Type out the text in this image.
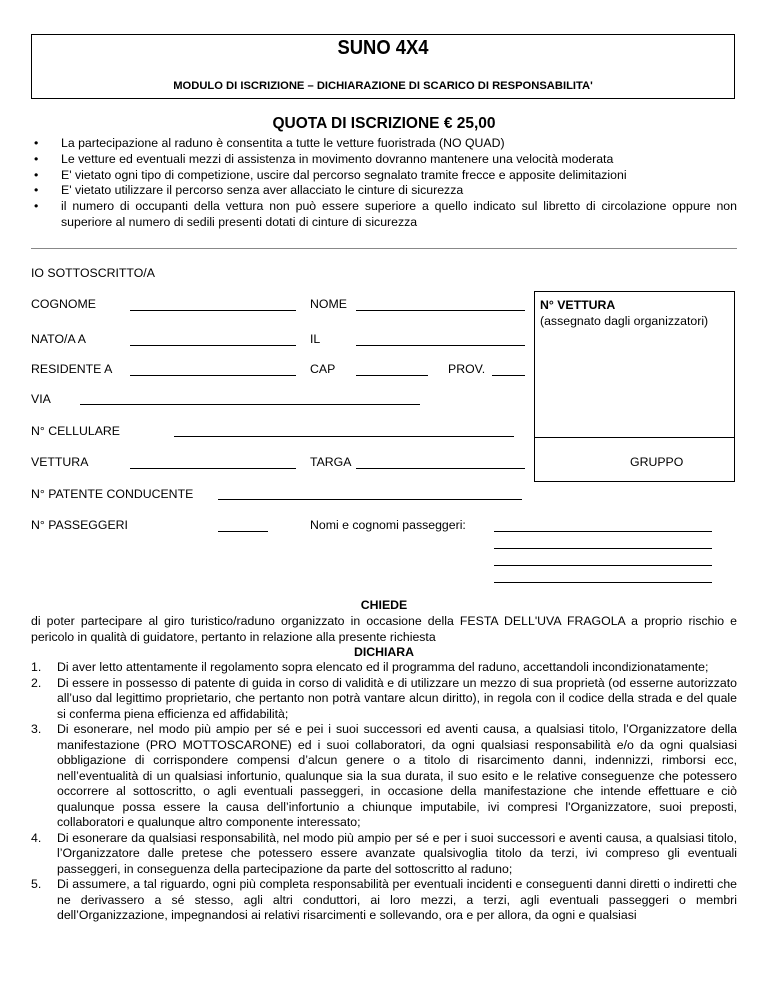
SUNO 4X4
MODULO DI ISCRIZIONE – DICHIARAZIONE DI SCARICO DI RESPONSABILITA'
QUOTA DI ISCRIZIONE € 25,00
• La partecipazione al raduno è consentita a tutte le vetture fuoristrada (NO QUAD)
• Le vetture ed eventuali mezzi di assistenza in movimento dovranno mantenere una velocità moderata
• E' vietato ogni tipo di competizione, uscire dal percorso segnalato tramite frecce e apposite delimitazioni
• E' vietato utilizzare il percorso senza aver allacciato le cinture di sicurezza
• il numero di occupanti della vettura non può essere superiore a quello indicato sul libretto di circolazione oppure non superiore al numero di sedili presenti dotati di cinture di sicurezza
IO SOTTOSCRITTO/A
COGNOME	NOME
NATO/A A	IL
RESIDENTE A	CAP	PROV.
VIA
N° CELLULARE
VETTURA	TARGA
N° PATENTE CONDUCENTE
N° PASSEGGERI	Nomi e cognomi passeggeri:
N° VETTURA
(assegnato dagli organizzatori)
GRUPPO
CHIEDE
di poter partecipare al giro turistico/raduno organizzato in occasione della FESTA DELL'UVA FRAGOLA a proprio rischio e pericolo in qualità di guidatore, pertanto in relazione alla presente richiesta
DICHIARA
1. Di aver letto attentamente il regolamento sopra elencato ed il programma del raduno, accettandoli incondizionatamente;
2. Di essere in possesso di patente di guida in corso di validità e di utilizzare un mezzo di sua proprietà (od esserne autorizzato all’uso dal legittimo proprietario, che pertanto non potrà vantare alcun diritto), in regola con il codice della strada e del quale si conferma piena efficienza ed affidabilità;
3. Di esonerare, nel modo più ampio per sé e pei i suoi successori ed aventi causa, a qualsiasi titolo, l’Organizzatore della manifestazione (PRO MOTTOSCARONE) ed i suoi collaboratori, da ogni qualsiasi responsabilità e/o da ogni qualsiasi obbligazione di corrispondere compensi d’alcun genere o a titolo di risarcimento danni, indennizzi, rimborsi ecc, nell’eventualità di un qualsiasi infortunio, qualunque sia la sua durata, il suo esito e le relative conseguenze che potessero occorrere al sottoscritto, o agli eventuali passeggeri, in occasione della manifestazione che intende effettuare e ciò qualunque possa essere la causa dell’infortunio a chiunque imputabile, ivi compresi l'Organizzatore, suoi preposti, collaboratori e qualunque altro componente interessato;
4. Di esonerare da qualsiasi responsabilità, nel modo più ampio per sé e per i suoi successori e aventi causa, a qualsiasi titolo, l’Organizzatore dalle pretese che potessero essere avanzate qualsivoglia titolo da terzi, ivi compreso gli eventuali passeggeri, in conseguenza della partecipazione da parte del sottoscritto al raduno;
5. Di assumere, a tal riguardo, ogni più completa responsabilità per eventuali incidenti e conseguenti danni diretti o indiretti che ne derivassero a sé stesso, agli altri conduttori, ai loro mezzi, a terzi, agli eventuali passeggeri o membri dell’Organizzazione, impegnandosi ai relativi risarcimenti e sollevando, ora e per allora, da ogni e qualsiasi
